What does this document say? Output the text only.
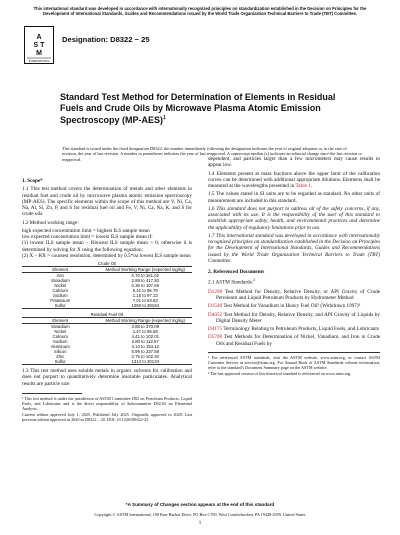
This international standard was developed in accordance with internationally recognized principles on standardization established in the Decision on Principles for the Development of International Standards, Guides and Recommendations issued by the World Trade Organization Technical Barriers to Trade (TBT) Committee.
A
S T
M
INTERNATIONAL
Designation: D8322 − 25
Standard Test Method for Determination of Elements in Residual Fuels and Crude Oils by Microwave Plasma Atomic Emission Spectroscopy $(MP-AES)^1$
This standard is issued under the fixed designation D8322; the number immediately following the designation indicates the year of original adoption or, in the case of revision, the year of last revision. A number in parentheses indicates the year of last reapproval. A superscript epsilon (ε) indicates an editorial change since the last revision or reapproval.

1. Scope*

1.1 This test method covers the determination of metals and other elements in residual fuel and crude oil by microwave plasma atomic emission spectroscopy (MP-AES). The specific elements within the scope of this method are V, Ni, Ca, Na, Al, Si, Zn, P, and S for residual fuel oil and Fe, V, Ni, Ca, Na, K, and S for crude oils.

1.2 Method working range:

high expected concentration limit = highest ILS sample mean

low expected concentration limit = lowest ILS sample mean if:

(1) lowest ILS sample mean − Rlowest ILS sample mean > 0; otherwise it is determined by solving for X using the following equation:

(2) X − RX = coursest resolution, determined by 0.5*σa lowest ILS sample mean

Crude Oil	
Element	Method Working Range (expected mg/kg)
Iron	0.70 to 181.02
Vanadium	2.88 to 417.50
Nickel	0.36 to 107.66
Calcium	5.41 to 96.78
Sodium	1.18 to 97.13
Potassium	7.01 to 63.83
Sulfur	1059 to 39194
Residual Fuel Oil	
Element	Method Working Range (expected mg/kg)
Vanadium	3.88 to 370.09
Nickel	1.47 to 96.68
Calcium	4.41 to 102.01
Sodium	2.80 to 112.67
Aluminum	4.13 to 154.12
Silicon	5.99 to 237.58
Zinc	2.75 to 102.40
Sulfur	1314 to 30134

1.3 This test method uses soluble metals in organic solvents for calibration and does not purport to quantitatively determine insoluble particulates. Analytical results are particle size

¹ This test method is under the jurisdiction of ASTM Committee D02 on Petroleum Products, Liquid Fuels, and Lubricants and is the direct responsibility of Subcommittee D02.03 on Elemental Analysis.

Current edition approved July 1, 2025. Published July 2025. Originally approved in 2020. Last previous edition approved in 2020 as D8322 – 20. DOI: 10.1520/D8322-25.

dependent, and particles larger than a few micrometers may cause results to appear low.

1.4 Elements present at mass fractions above the upper limit of the calibration curves can be determined with additional appropriate dilutions. Elements shall be measured at the wavelengths presented in Table 1.

1.5 The values stated in SI units are to be regarded as standard. No other units of measurement are included in this standard.

1.6 This standard does not purport to address all of the safety concerns, if any, associated with its use. It is the responsibility of the user of this standard to establish appropriate safety, health, and environmental practices and determine the applicability of regulatory limitations prior to use.

1.7 This international standard was developed in accordance with internationally recognized principles on standardization established in the Decision on Principles for the Development of International Standards, Guides and Recommendations issued by the World Trade Organization Technical Barriers to Trade (TBT) Committee.

2. Referenced Documents

2.1 ASTM Standards:$^2$

D1298 Test Method for Density, Relative Density, or API Gravity of Crude Petroleum and Liquid Petroleum Products by Hydrometer Method

D1548 Test Method for Vanadium in Heavy Fuel Oil³ (Withdrawn 1997)³

D4052 Test Method for Density, Relative Density, and API Gravity of Liquids by Digital Density Meter

D4175 Terminology Relating to Petroleum Products, Liquid Fuels, and Lubricants

D5708 Test Methods for Determination of Nickel, Vanadium, and Iron in Crude Oils and Residual Fuels by

² For referenced ASTM standards, visit the ASTM website, www.astm.org, or contact ASTM Customer Service at service@astm.org. For Annual Book of ASTM Standards volume information, refer to the standard's Document Summary page on the ASTM website.

³ The last approved version of this historical standard is referenced on www.astm.org.

*A Summary of Changes section appears at the end of this standard
Copyright © ASTM International, 100 Barr Harbor Drive, PO Box C700, West Conshohocken, PA 19428-2959. United States
1
